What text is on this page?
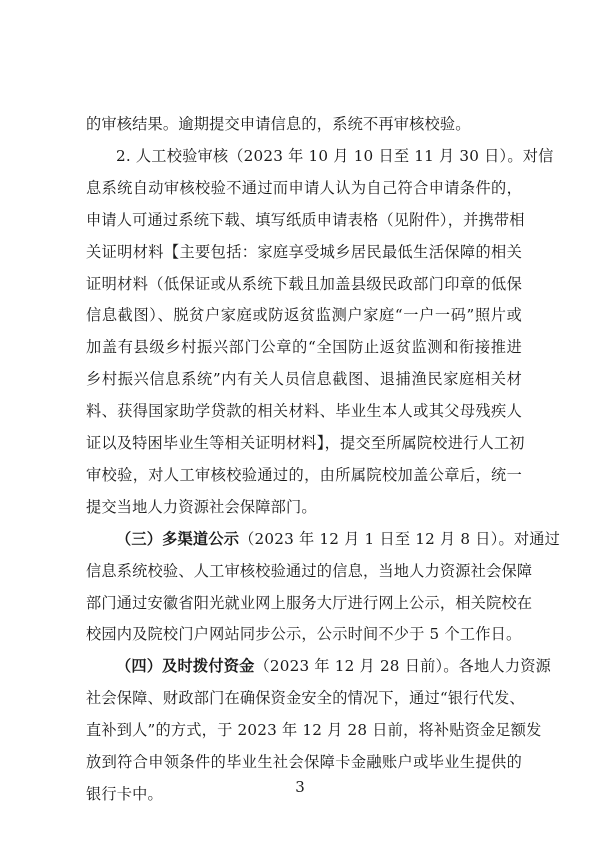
的审核结果。逾期提交申请信息的，系统不再审核校验。
2. 人工校验审核（2023 年 10 月 10 日至 11 月 30 日）。对信
息系统自动审核校验不通过而申请人认为自己符合申请条件的，
申请人可通过系统下载、填写纸质申请表格（见附件），并携带相
关证明材料【主要包括：家庭享受城乡居民最低生活保障的相关
证明材料（低保证或从系统下载且加盖县级民政部门印章的低保
信息截图）、脱贫户家庭或防返贫监测户家庭“一户一码”照片或
加盖有县级乡村振兴部门公章的“全国防止返贫监测和衔接推进
乡村振兴信息系统”内有关人员信息截图、退捕渔民家庭相关材
料、获得国家助学贷款的相关材料、毕业生本人或其父母残疾人
证以及特困毕业生等相关证明材料】，提交至所属院校进行人工初
审校验，对人工审核校验通过的，由所属院校加盖公章后，统一
提交当地人力资源社会保障部门。
（三）多渠道公示（2023 年 12 月 1 日至 12 月 8 日）。对通过
信息系统校验、人工审核校验通过的信息，当地人力资源社会保障
部门通过安徽省阳光就业网上服务大厅进行网上公示，相关院校在
校园内及院校门户网站同步公示，公示时间不少于 5 个工作日。
（四）及时拨付资金（2023 年 12 月 28 日前）。各地人力资源
社会保障、财政部门在确保资金安全的情况下，通过“银行代发、
直补到人”的方式，于 2023 年 12 月 28 日前，将补贴资金足额发
放到符合申领条件的毕业生社会保障卡金融账户或毕业生提供的
银行卡中。	3
